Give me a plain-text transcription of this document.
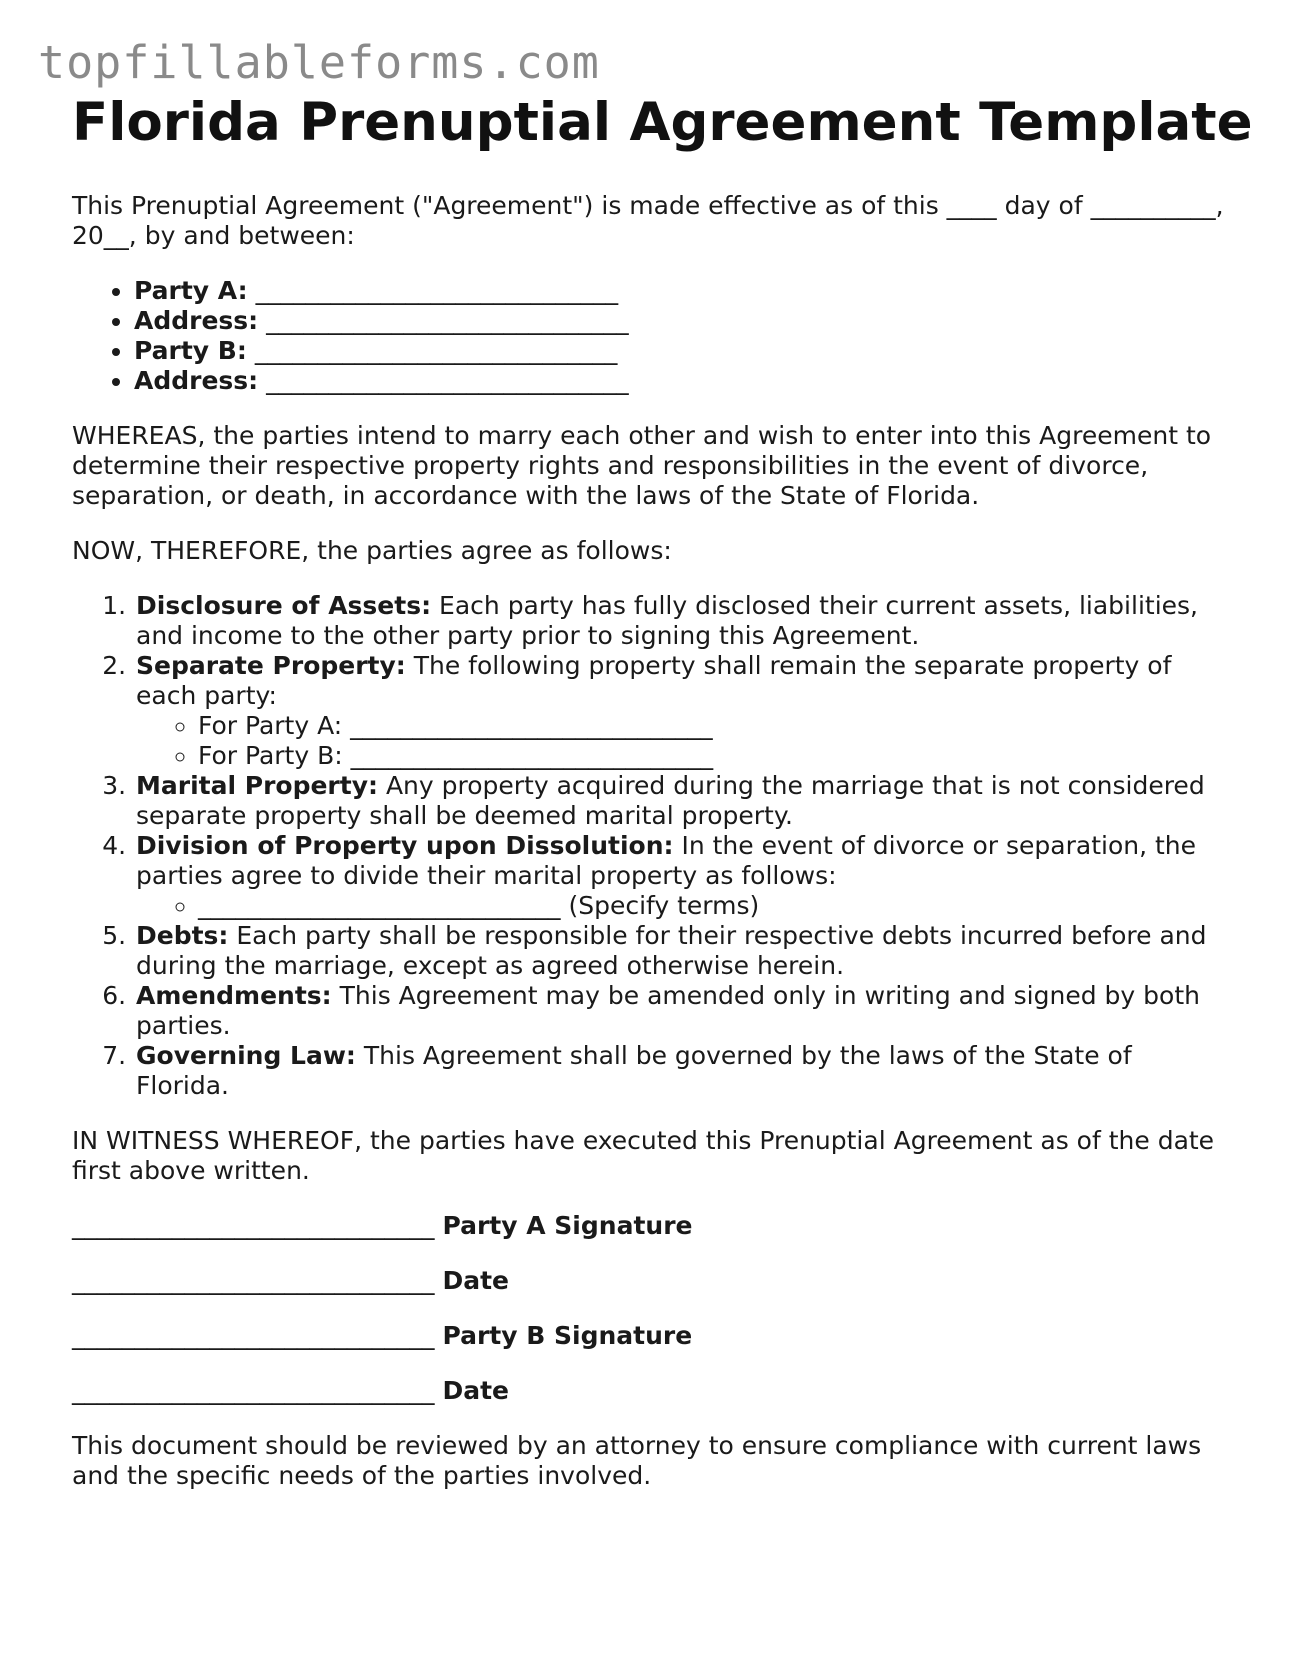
topfillableforms.com
Florida Prenuptial Agreement Template

This Prenuptial Agreement ("Agreement") is made effective as of this ____ day of __________, 20__, by and between:

• Party A: _____________________________
• Address: _____________________________
• Party B: _____________________________
• Address: _____________________________

WHEREAS, the parties intend to marry each other and wish to enter into this Agreement to determine their respective property rights and responsibilities in the event of divorce, separation, or death, in accordance with the laws of the State of Florida.

NOW, THEREFORE, the parties agree as follows:

1. Disclosure of Assets: Each party has fully disclosed their current assets, liabilities, and income to the other party prior to signing this Agreement.
2. Separate Property: The following property shall remain the separate property of each party:
◦ For Party A: _____________________________
◦ For Party B: _____________________________
3. Marital Property: Any property acquired during the marriage that is not considered separate property shall be deemed marital property.
4. Division of Property upon Dissolution: In the event of divorce or separation, the parties agree to divide their marital property as follows:
◦ _____________________________ (Specify terms)
5. Debts: Each party shall be responsible for their respective debts incurred before and during the marriage, except as agreed otherwise herein.
6. Amendments: This Agreement may be amended only in writing and signed by both parties.
7. Governing Law: This Agreement shall be governed by the laws of the State of Florida.

IN WITNESS WHEREOF, the parties have executed this Prenuptial Agreement as of the date first above written.

_____________________________ Party A Signature
_____________________________ Date
_____________________________ Party B Signature
_____________________________ Date

This document should be reviewed by an attorney to ensure compliance with current laws and the specific needs of the parties involved.
